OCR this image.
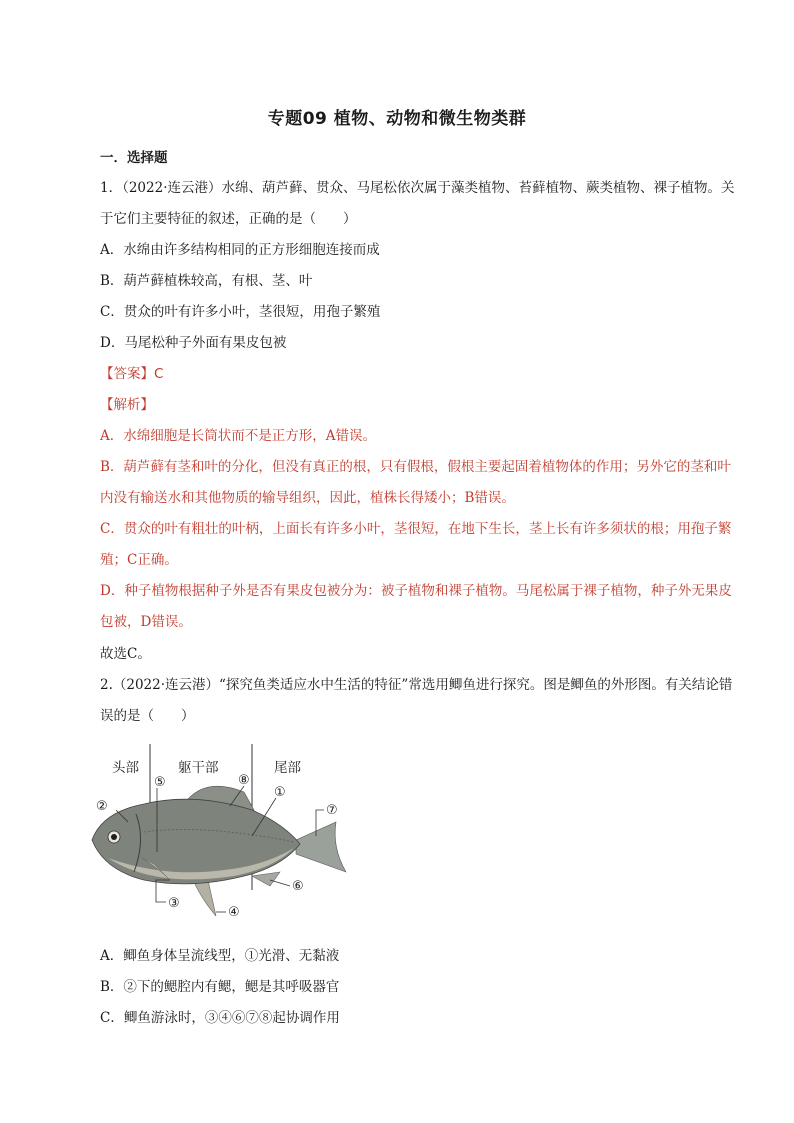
专题09 植物、动物和微生物类群
一．选择题
1．（2022·连云港）水绵、葫芦藓、贯众、马尾松依次属于藻类植物、苔藓植物、蕨类植物、裸子植物。关
于它们主要特征的叙述，正确的是（　　）
A．水绵由许多结构相同的正方形细胞连接而成
B．葫芦藓植株较高，有根、茎、叶
C．贯众的叶有许多小叶，茎很短，用孢子繁殖
D．马尾松种子外面有果皮包被
【答案】C
【解析】
A．水绵细胞是长筒状而不是正方形，A错误。
B．葫芦藓有茎和叶的分化，但没有真正的根，只有假根，假根主要起固着植物体的作用；另外它的茎和叶
内没有输送水和其他物质的输导组织，因此，植株长得矮小；B错误。
C．贯众的叶有粗壮的叶柄，上面长有许多小叶，茎很短，在地下生长，茎上长有许多须状的根；用孢子繁
殖；C正确。
D．种子植物根据种子外是否有果皮包被分为：被子植物和裸子植物。马尾松属于裸子植物，种子外无果皮
包被，D错误。
故选C。
2.（2022·连云港）“探究鱼类适应水中生活的特征”常选用鲫鱼进行探究。图是鲫鱼的外形图。有关结论错
误的是（　　）
头部	躯干部	尾部
②
⑤	⑧
①
⑦
⑥
③
④
A．鲫鱼身体呈流线型，①光滑、无黏液
B．②下的鳃腔内有鳃，鳃是其呼吸器官
C．鲫鱼游泳时，③④⑥⑦⑧起协调作用
